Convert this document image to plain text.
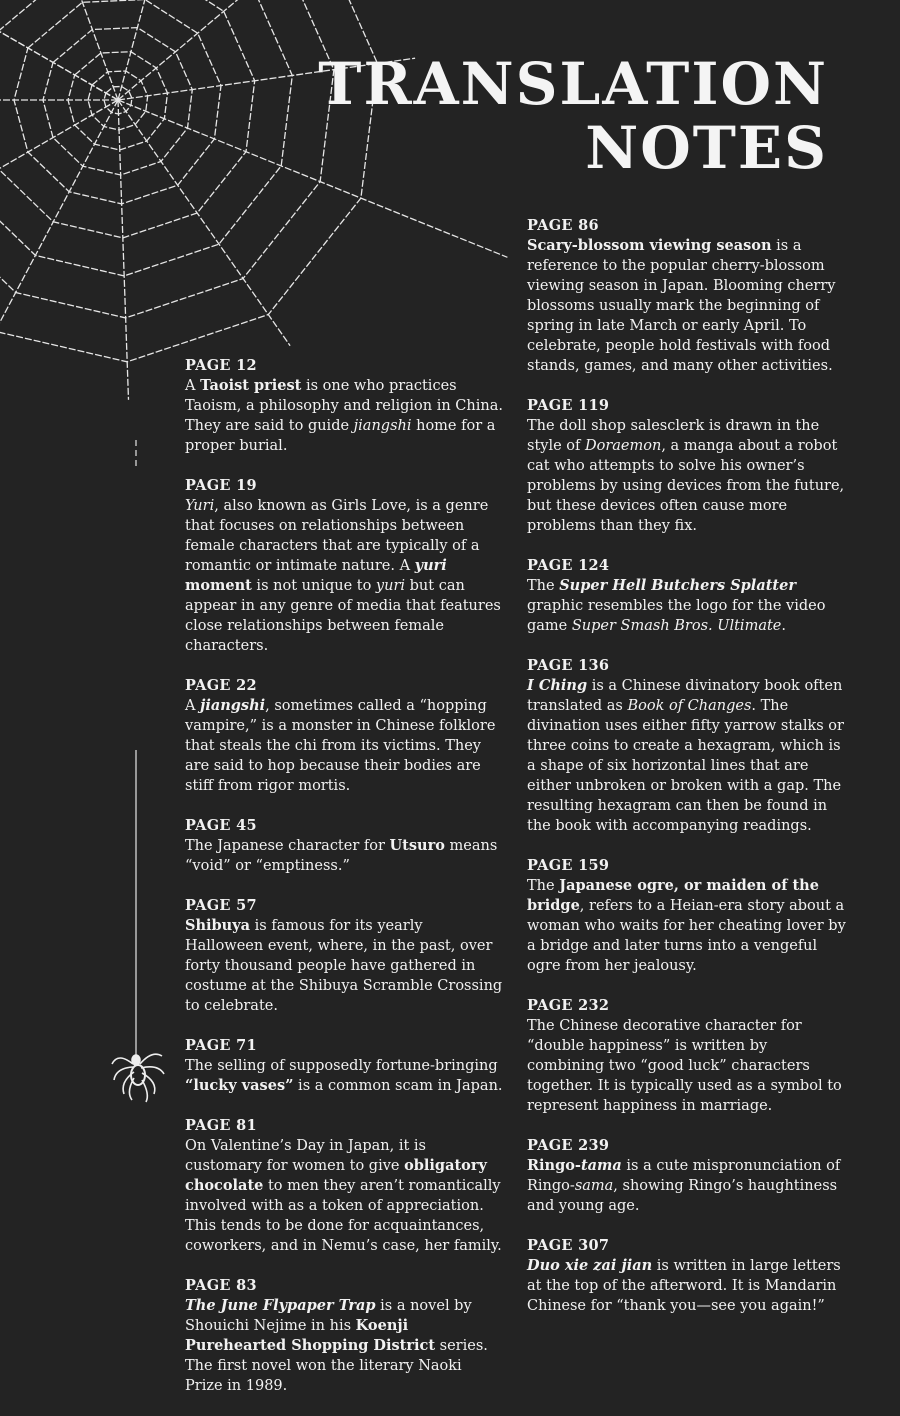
TRANSLATION
NOTES
PAGE 12

A Taoist priest is one who practices Taoism, a philosophy and religion in China. They are said to guide jiangshi home for a proper burial.

PAGE 19

Yuri, also known as Girls Love, is a genre that focuses on relationships between female characters that are typically of a romantic or intimate nature. A yuri moment is not unique to yuri but can appear in any genre of media that features close relationships between female characters.

PAGE 22

A jiangshi, sometimes called a “hopping vampire,” is a monster in Chinese folklore that steals the chi from its victims. They are said to hop because their bodies are stiff from rigor mortis.

PAGE 45

The Japanese character for Utsuro means “void” or “emptiness.”

PAGE 57

Shibuya is famous for its yearly Halloween event, where, in the past, over forty thousand people have gathered in costume at the Shibuya Scramble Crossing to celebrate.

PAGE 71

The selling of supposedly fortune-bringing “lucky vases” is a common scam in Japan.

PAGE 81

On Valentine’s Day in Japan, it is customary for women to give obligatory chocolate to men they aren’t romantically involved with as a token of appreciation. This tends to be done for acquaintances, coworkers, and in Nemu’s case, her family.

PAGE 83

The June Flypaper Trap is a novel by Shouichi Nejime in his Koenji Purehearted Shopping District series. The first novel won the literary Naoki Prize in 1989.

PAGE 86

Scary-blossom viewing season is a reference to the popular cherry-blossom viewing season in Japan. Blooming cherry blossoms usually mark the beginning of spring in late March or early April. To celebrate, people hold festivals with food stands, games, and many other activities.

PAGE 119

The doll shop salesclerk is drawn in the style of Doraemon, a manga about a robot cat who attempts to solve his owner’s problems by using devices from the future, but these devices often cause more problems than they fix.

PAGE 124

The Super Hell Butchers Splatter graphic resembles the logo for the video game Super Smash Bros. Ultimate.

PAGE 136

I Ching is a Chinese divinatory book often translated as Book of Changes. The divination uses either fifty yarrow stalks or three coins to create a hexagram, which is a shape of six horizontal lines that are either unbroken or broken with a gap. The resulting hexagram can then be found in the book with accompanying readings.

PAGE 159

The Japanese ogre, or maiden of the bridge, refers to a Heian-era story about a woman who waits for her cheating lover by a bridge and later turns into a vengeful ogre from her jealousy.

PAGE 232

The Chinese decorative character for “double happiness” is written by combining two “good luck” characters together. It is typically used as a symbol to represent happiness in marriage.

PAGE 239

Ringo-tama is a cute mispronunciation of Ringo-sama, showing Ringo’s haughtiness and young age.

PAGE 307

Duo xie zai jian is written in large letters at the top of the afterword. It is Mandarin Chinese for “thank you—see you again!”
